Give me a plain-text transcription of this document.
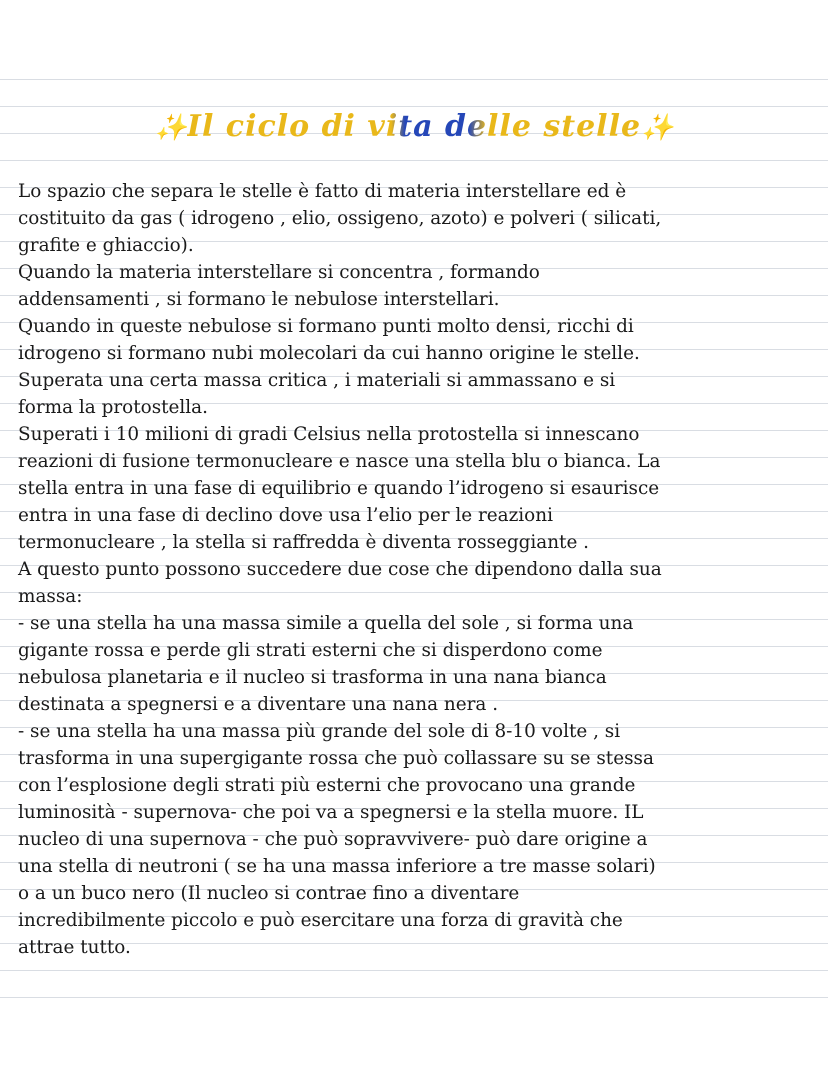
✨Il ciclo di vita delle stelle✨
Lo spazio che separa le stelle è fatto di materia interstellare ed è
costituito da gas ( idrogeno , elio, ossigeno, azoto) e polveri ( silicati,
grafite e ghiaccio).
Quando la materia interstellare si concentra , formando
addensamenti , si formano le nebulose interstellari.
Quando in queste nebulose si formano punti molto densi, ricchi di
idrogeno si formano nubi molecolari da cui hanno origine le stelle.
Superata una certa massa critica , i materiali si ammassano e si
forma la protostella.
Superati i 10 milioni di gradi Celsius nella protostella si innescano
reazioni di fusione termonucleare e nasce una stella blu o bianca. La
stella entra in una fase di equilibrio e quando l’idrogeno si esaurisce
entra in una fase di declino dove usa l’elio per le reazioni
termonucleare , la stella si raffredda è diventa rosseggiante .
A questo punto possono succedere due cose che dipendono dalla sua
massa:
- se una stella ha una massa simile a quella del sole , si forma una
gigante rossa e perde gli strati esterni che si disperdono come
nebulosa planetaria e il nucleo si trasforma in una nana bianca
destinata a spegnersi e a diventare una nana nera .
- se una stella ha una massa più grande del sole di 8-10 volte , si
trasforma in una supergigante rossa che può collassare su se stessa
con l’esplosione degli strati più esterni che provocano una grande
luminosità - supernova- che poi va a spegnersi e la stella muore. IL
nucleo di una supernova - che può sopravvivere- può dare origine a
una stella di neutroni ( se ha una massa inferiore a tre masse solari)
o a un buco nero (Il nucleo si contrae fino a diventare
incredibilmente piccolo e può esercitare una forza di gravità che
attrae tutto.
